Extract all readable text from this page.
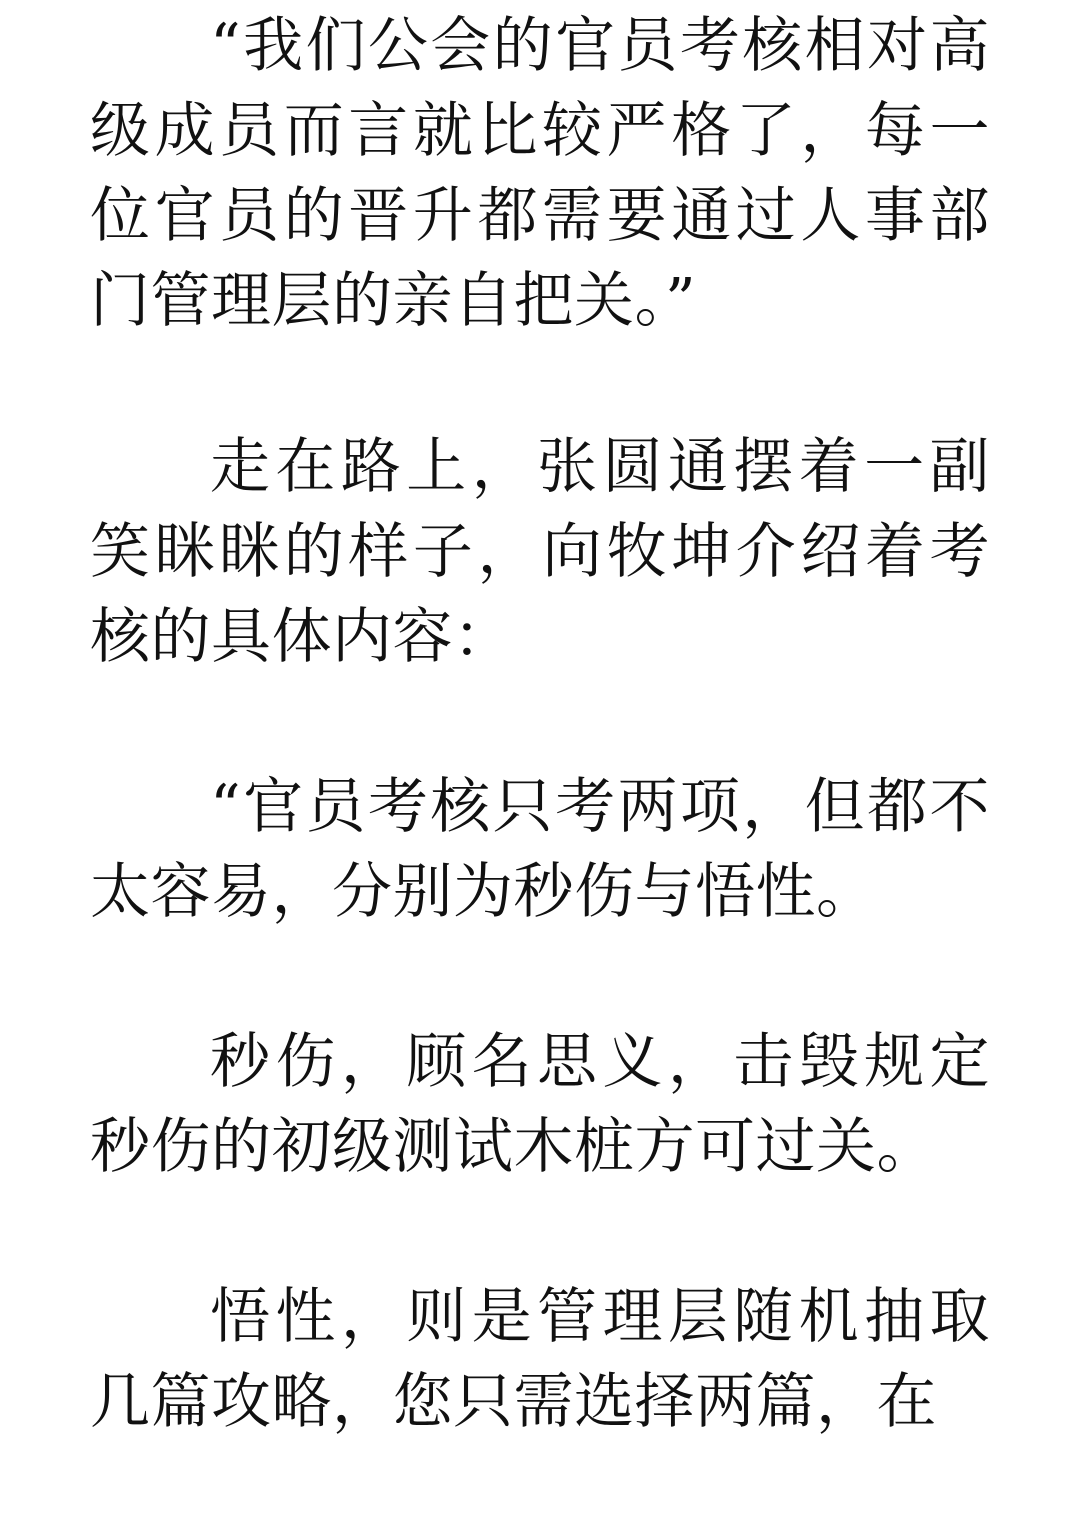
“我们公会的官员考核相对高级成员而言就比较严格了，每一位官员的晋升都需要通过人事部门管理层的亲自把关。”

走在路上，张圆通摆着一副笑眯眯的样子，向牧坤介绍着考核的具体内容：

“官员考核只考两项，但都不太容易，分别为秒伤与悟性。

秒伤，顾名思义，击毁规定秒伤的初级测试木桩方可过关。

悟性，则是管理层随机抽取几篇攻略，您只需选择两篇，在
